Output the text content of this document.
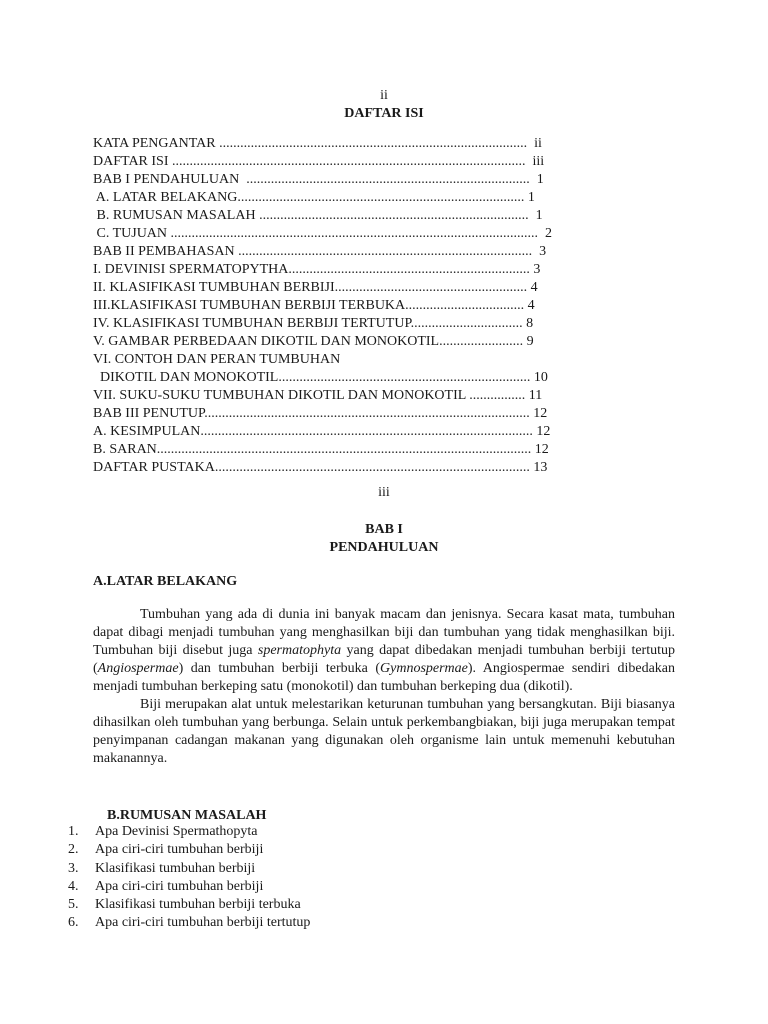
ii
DAFTAR ISI
KATA PENGANTAR ........................................................................................  ii
DAFTAR ISI .....................................................................................................  iii
BAB I PENDAHULUAN  .................................................................................  1
A. LATAR BELAKANG.................................................................................. 1
B. RUMUSAN MASALAH .............................................................................  1
C. TUJUAN .........................................................................................................  2
BAB II PEMBAHASAN ....................................................................................  3
I. DEVINISI SPERMATOPYTHA..................................................................... 3
II. KLASIFIKASI TUMBUHAN BERBIJI....................................................... 4
III.KLASIFIKASI TUMBUHAN BERBIJI TERBUKA.................................. 4
IV. KLASIFIKASI TUMBUHAN BERBIJI TERTUTUP................................ 8
V. GAMBAR PERBEDAAN DIKOTIL DAN MONOKOTIL........................ 9
VI. CONTOH DAN PERAN TUMBUHAN
DIKOTIL DAN MONOKOTIL........................................................................ 10
VII. SUKU-SUKU TUMBUHAN DIKOTIL DAN MONOKOTIL ................ 11
BAB III PENUTUP............................................................................................. 12
A. KESIMPULAN............................................................................................... 12
B. SARAN........................................................................................................... 12
DAFTAR PUSTAKA.......................................................................................... 13
iii
BAB I
PENDAHULUAN
A.LATAR BELAKANG

Tumbuhan yang ada di dunia ini banyak macam dan jenisnya. Secara kasat mata, tumbuhan dapat dibagi menjadi tumbuhan yang menghasilkan biji dan tumbuhan yang tidak menghasilkan biji. Tumbuhan biji disebut juga spermatophyta yang dapat dibedakan menjadi tumbuhan berbiji tertutup (Angiospermae) dan tumbuhan berbiji terbuka (Gymnospermae). Angiospermae sendiri dibedakan menjadi tumbuhan berkeping satu (monokotil) dan tumbuhan berkeping dua (dikotil).

Biji merupakan alat untuk melestarikan keturunan tumbuhan yang bersangkutan. Biji biasanya dihasilkan oleh tumbuhan yang berbunga. Selain untuk perkembangbiakan, biji juga merupakan tempat penyimpanan cadangan makanan yang digunakan oleh organisme lain untuk memenuhi kebutuhan makanannya.

B.RUMUSAN MASALAH
1. Apa Devinisi Spermathopyta
2. Apa ciri-ciri tumbuhan berbiji
3. Klasifikasi tumbuhan berbiji
4. Apa ciri-ciri tumbuhan berbiji
5. Klasifikasi tumbuhan berbiji terbuka
6. Apa ciri-ciri tumbuhan berbiji tertutup
